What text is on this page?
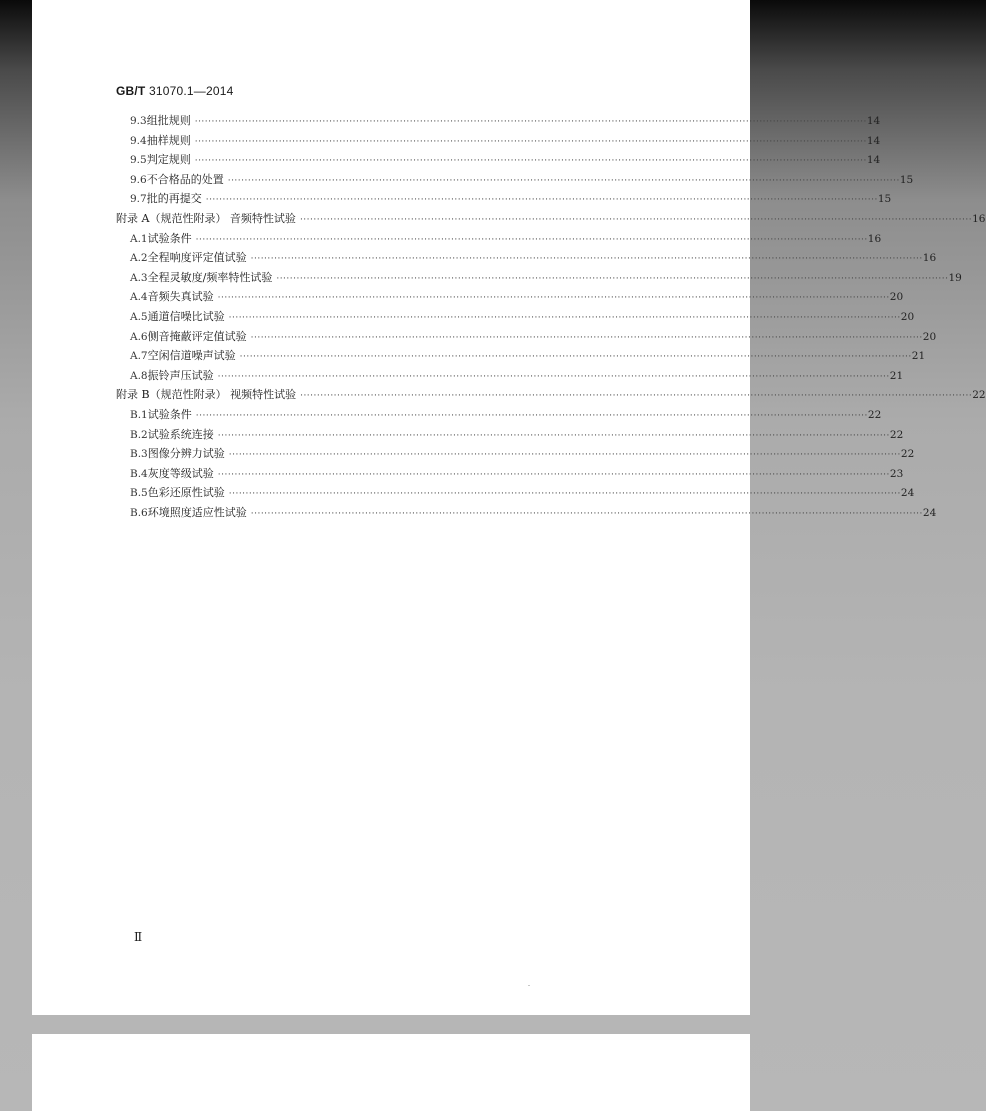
GB/T 31070.1—2014
9.3 组批规则 ········································································································································································································ 14
9.4 抽样规则 ········································································································································································································ 14
9.5 判定规则 ········································································································································································································ 14
9.6 不合格品的处置 ········································································································································································································ 15
9.7 批的再提交 ········································································································································································································ 15
附录 A（规范性附录） 音频特性试验 ········································································································································································································ 16
A.1 试验条件 ········································································································································································································ 16
A.2 全程响度评定值试验 ········································································································································································································ 16
A.3 全程灵敏度/频率特性试验 ········································································································································································································ 19
A.4 音频失真试验 ········································································································································································································ 20
A.5 通道信噪比试验 ········································································································································································································ 20
A.6 侧音掩蔽评定值试验 ········································································································································································································ 20
A.7 空闲信道噪声试验 ········································································································································································································ 21
A.8 振铃声压试验 ········································································································································································································ 21
附录 B（规范性附录） 视频特性试验 ········································································································································································································ 22
B.1 试验条件 ········································································································································································································ 22
B.2 试验系统连接 ········································································································································································································ 22
B.3 图像分辨力试验 ········································································································································································································ 22
B.4 灰度等级试验 ········································································································································································································ 23
B.5 色彩还原性试验 ········································································································································································································ 24
B.6 环境照度适应性试验 ········································································································································································································ 24
Ⅱ
